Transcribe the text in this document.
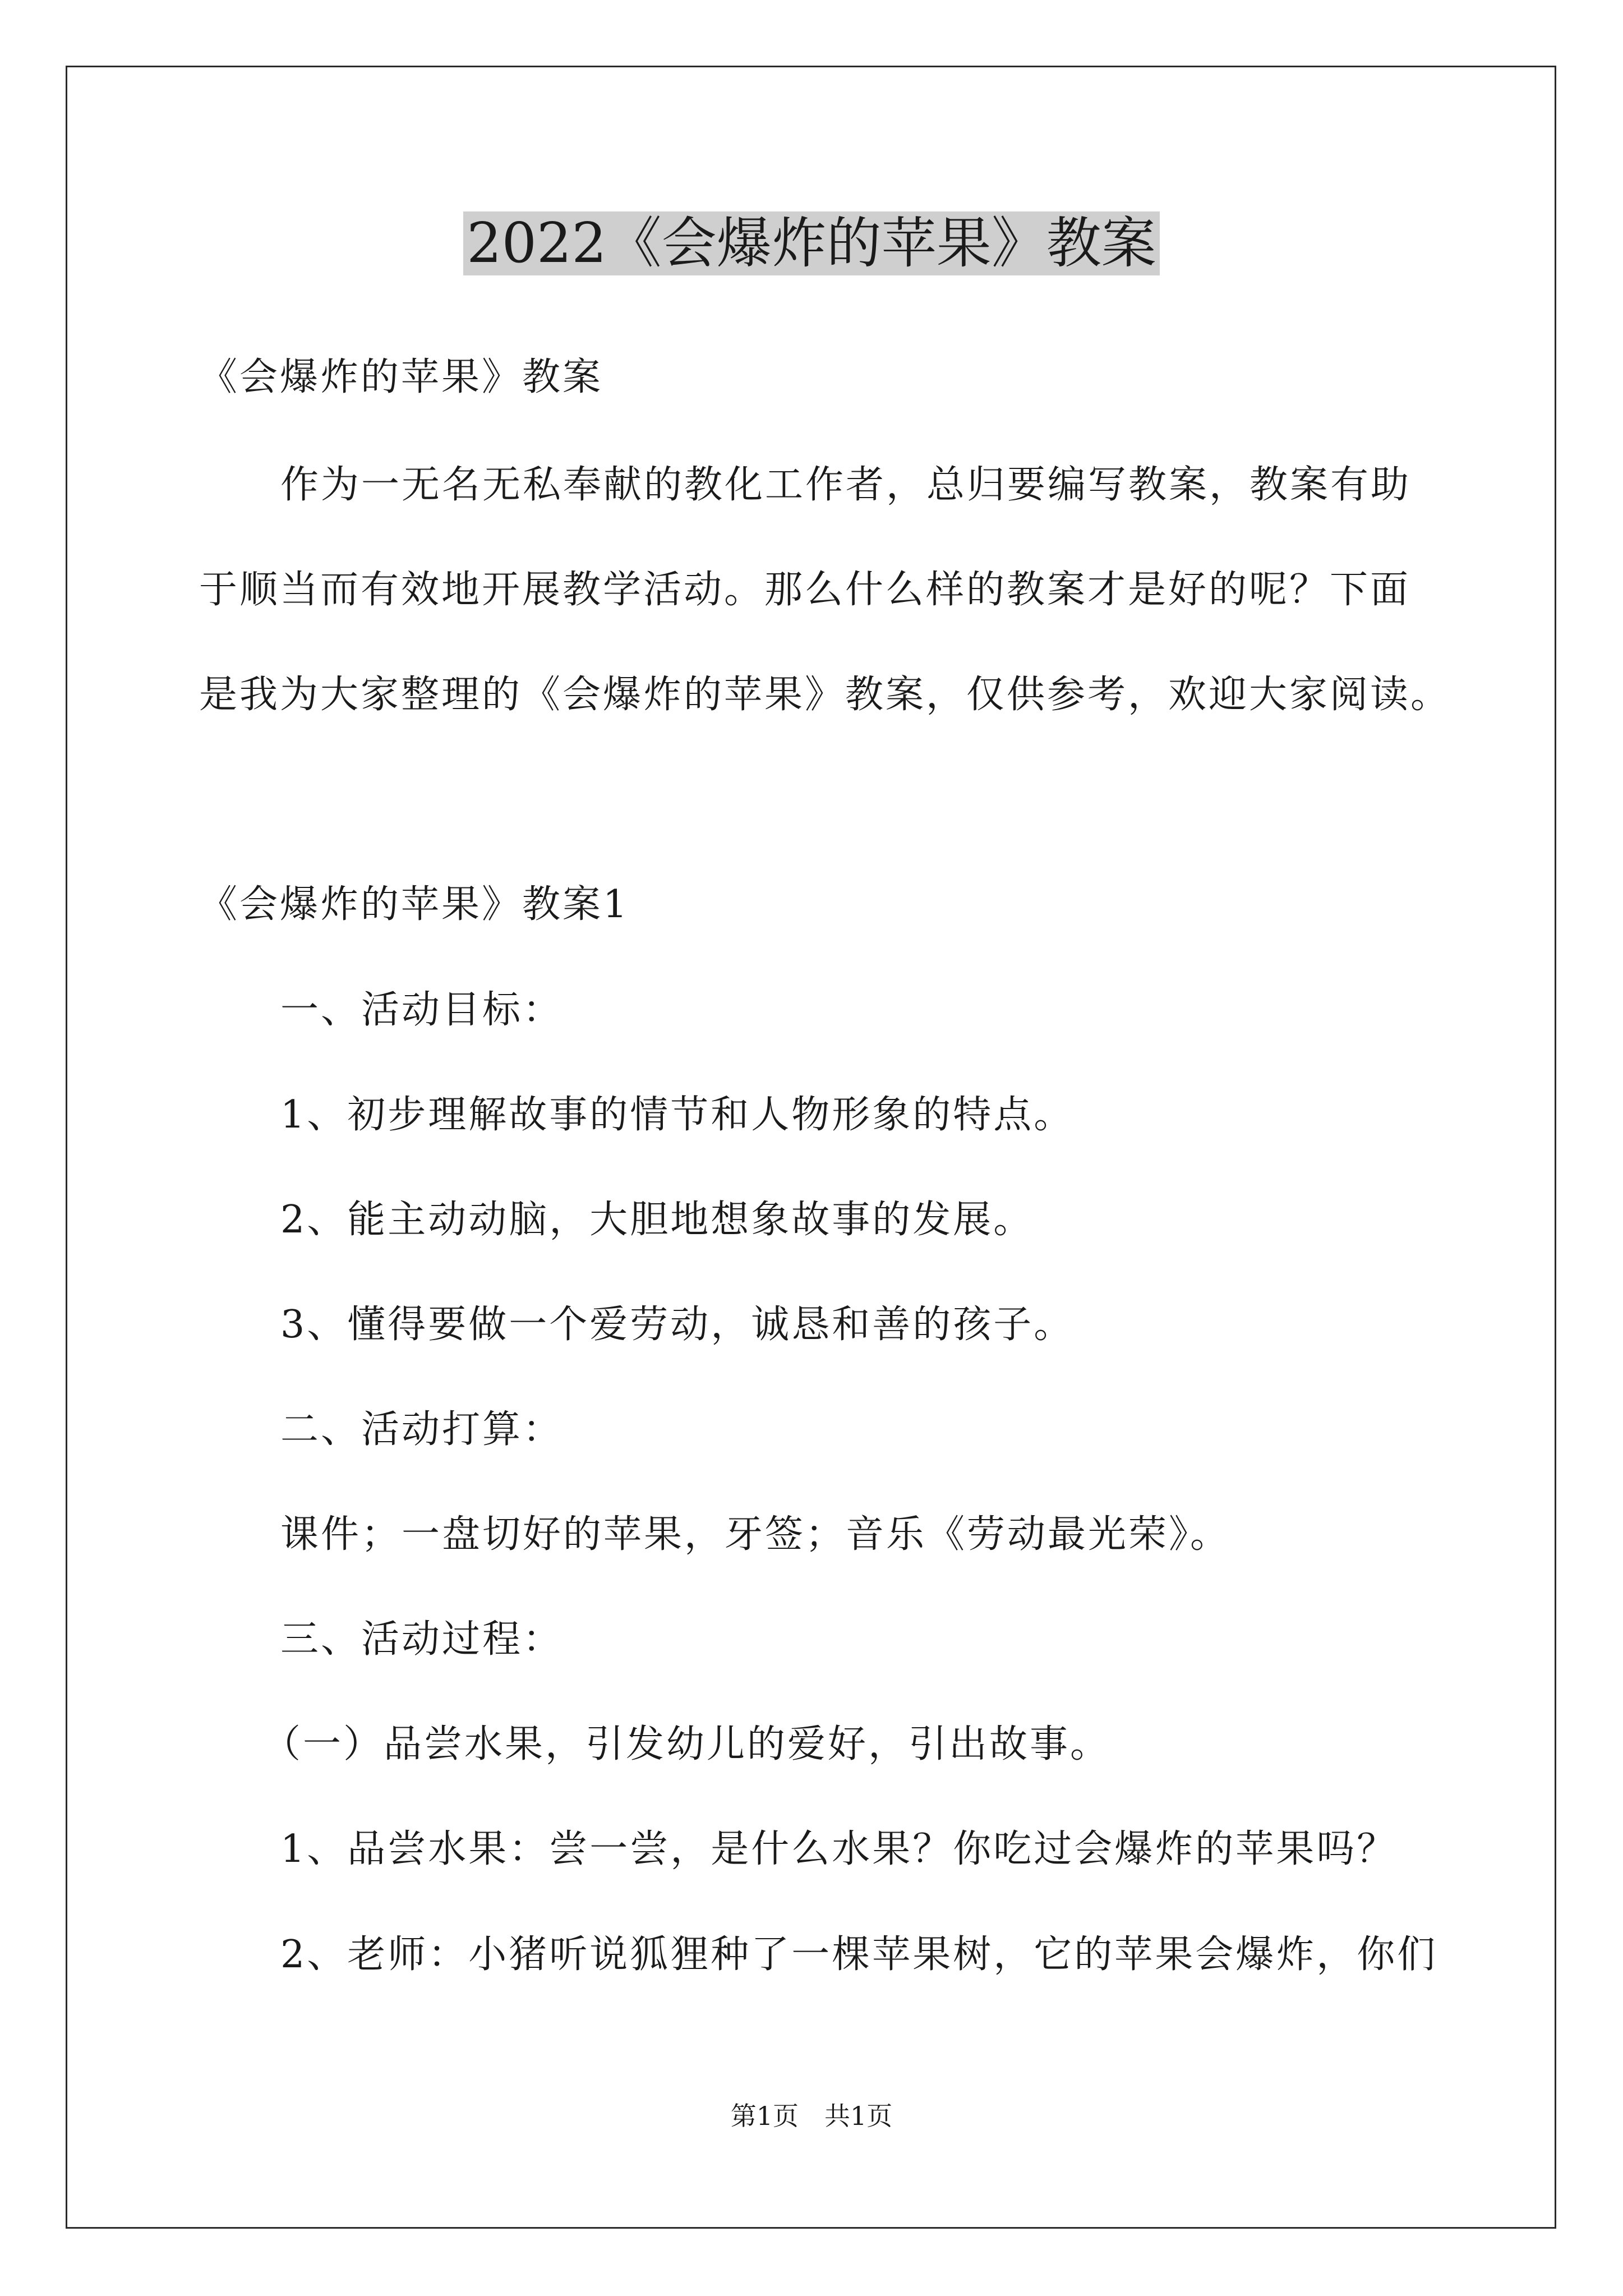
2022《会爆炸的苹果》教案

《会爆炸的苹果》教案

作为一无名无私奉献的教化工作者，总归要编写教案，教案有助

于顺当而有效地开展教学活动。那么什么样的教案才是好的呢？下面

是我为大家整理的《会爆炸的苹果》教案，仅供参考，欢迎大家阅读。

《会爆炸的苹果》教案1

一、活动目标：

1、初步理解故事的情节和人物形象的特点。

2、能主动动脑，大胆地想象故事的发展。

3、懂得要做一个爱劳动，诚恳和善的孩子。

二、活动打算：

课件；一盘切好的苹果，牙签；音乐《劳动最光荣》。

三、活动过程：

（一）品尝水果，引发幼儿的爱好，引出故事。

1、品尝水果：尝一尝，是什么水果？你吃过会爆炸的苹果吗？

2、老师：小猪听说狐狸种了一棵苹果树，它的苹果会爆炸，你们

第1页　共1页
